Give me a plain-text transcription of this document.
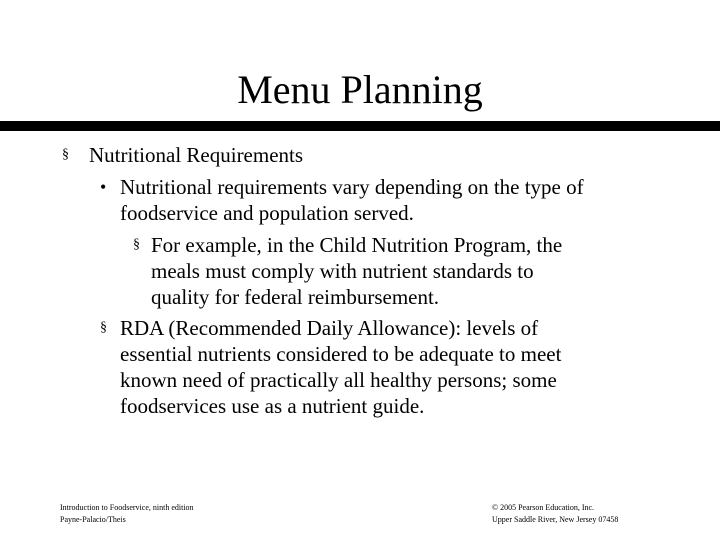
Menu Planning
§ Nutritional Requirements
• Nutritional requirements vary depending on the type of
foodservice and population served.
§ For example, in the Child Nutrition Program, the
meals must comply with nutrient standards to
quality for federal reimbursement.
§ RDA (Recommended Daily Allowance): levels of
essential nutrients considered to be adequate to meet
known need of practically all healthy persons; some
foodservices use as a nutrient guide.
Introduction to Foodservice, ninth edition
Payne-Palacio/Theis
© 2005 Pearson Education, Inc.
Upper Saddle River, New Jersey 07458
